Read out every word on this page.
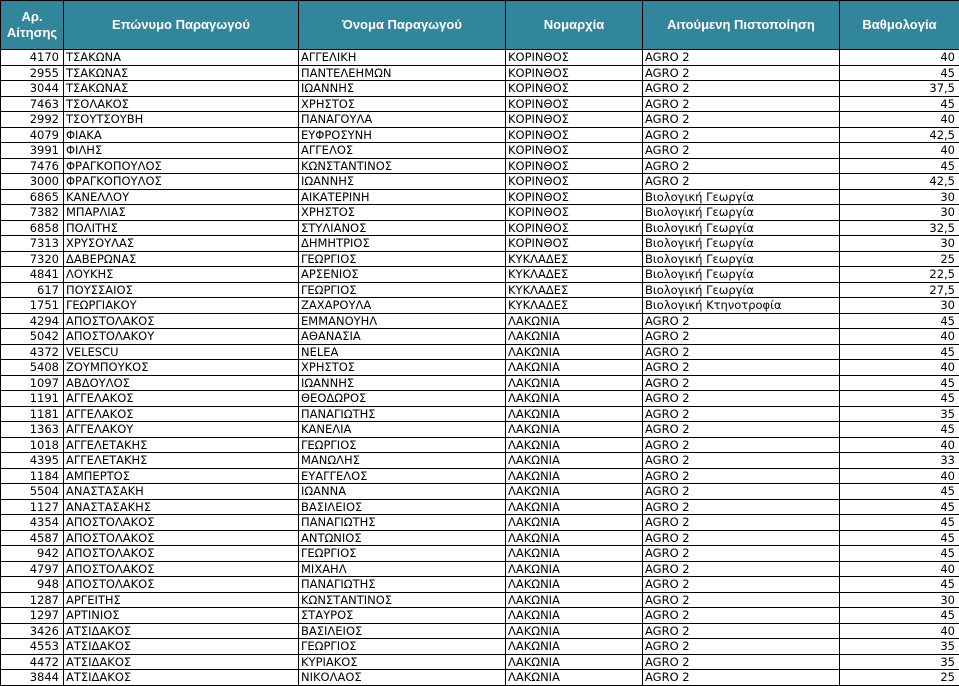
Αρ. Αίτησης	Επώνυμο Παραγωγού	Όνομα Παραγωγού	Νομαρχία	Αιτούμενη Πιστοποίηση	Βαθμολογία
4170	ΤΣΑΚΩΝΑ	ΑΓΓΕΛΙΚΗ	ΚΟΡΙΝΘΟΣ	AGRO 2	40
2955	ΤΣΑΚΩΝΑΣ	ΠΑΝΤΕΛΕΗΜΩΝ	ΚΟΡΙΝΘΟΣ	AGRO 2	45
3044	ΤΣΑΚΩΝΑΣ	ΙΩΑΝΝΗΣ	ΚΟΡΙΝΘΟΣ	AGRO 2	37,5
7463	ΤΣΟΛΑΚΟΣ	ΧΡΗΣΤΟΣ	ΚΟΡΙΝΘΟΣ	AGRO 2	45
2992	ΤΣΟΥΤΣΟΥΒΗ	ΠΑΝΑΓΟΥΛΑ	ΚΟΡΙΝΘΟΣ	AGRO 2	40
4079	ΦΙΑΚΑ	ΕΥΦΡΟΣΥΝΗ	ΚΟΡΙΝΘΟΣ	AGRO 2	42,5
3991	ΦΙΛΗΣ	ΑΓΓΕΛΟΣ	ΚΟΡΙΝΘΟΣ	AGRO 2	40
7476	ΦΡΑΓΚΟΠΟΥΛΟΣ	ΚΩΝΣΤΑΝΤΙΝΟΣ	ΚΟΡΙΝΘΟΣ	AGRO 2	45
3000	ΦΡΑΓΚΟΠΟΥΛΟΣ	ΙΩΑΝΝΗΣ	ΚΟΡΙΝΘΟΣ	AGRO 2	42,5
6865	ΚΑΝΕΛΛΟΥ	ΑΙΚΑΤΕΡΙΝΗ	ΚΟΡΙΝΘΟΣ	Βιολογική Γεωργία	30
7382	ΜΠΑΡΛΙΑΣ	ΧΡΗΣΤΟΣ	ΚΟΡΙΝΘΟΣ	Βιολογική Γεωργία	30
6858	ΠΟΛΙΤΗΣ	ΣΤΥΛΙΑΝΟΣ	ΚΟΡΙΝΘΟΣ	Βιολογική Γεωργία	32,5
7313	ΧΡΥΣΟΥΛΑΣ	ΔΗΜΗΤΡΙΟΣ	ΚΟΡΙΝΘΟΣ	Βιολογική Γεωργία	30
7320	ΔΑΒΕΡΩΝΑΣ	ΓΕΩΡΓΙΟΣ	ΚΥΚΛΑΔΕΣ	Βιολογική Γεωργία	25
4841	ΛΟΥΚΗΣ	ΑΡΣΕΝΙΟΣ	ΚΥΚΛΑΔΕΣ	Βιολογική Γεωργία	22,5
617	ΠΟΥΣΣΑΙΟΣ	ΓΕΩΡΓΙΟΣ	ΚΥΚΛΑΔΕΣ	Βιολογική Γεωργία	27,5
1751	ΓΕΩΡΓΙΑΚΟΥ	ΖΑΧΑΡΟΥΛΑ	ΚΥΚΛΑΔΕΣ	Βιολογική Κτηνοτροφία	30
4294	ΑΠΟΣΤΟΛΑΚΟΣ	ΕΜΜΑΝΟΥΗΛ	ΛΑΚΩΝΙΑ	AGRO 2	45
5042	ΑΠΟΣΤΟΛΑΚΟΥ	ΑΘΑΝΑΣΙΑ	ΛΑΚΩΝΙΑ	AGRO 2	40
4372	VELESCU	NELEA	ΛΑΚΩΝΙΑ	AGRO 2	45
5408	ΖΟΥΜΠΟΥΚΟΣ	ΧΡΗΣΤΟΣ	ΛΑΚΩΝΙΑ	AGRO 2	40
1097	ΑΒΔΟΥΛΟΣ	ΙΩΑΝΝΗΣ	ΛΑΚΩΝΙΑ	AGRO 2	45
1191	ΑΓΓΕΛΑΚΟΣ	ΘΕΟΔΩΡΟΣ	ΛΑΚΩΝΙΑ	AGRO 2	45
1181	ΑΓΓΕΛΑΚΟΣ	ΠΑΝΑΓΙΩΤΗΣ	ΛΑΚΩΝΙΑ	AGRO 2	35
1363	ΑΓΓΕΛΑΚΟΥ	ΚΑΝΕΛΙΑ	ΛΑΚΩΝΙΑ	AGRO 2	45
1018	ΑΓΓΕΛΕΤΑΚΗΣ	ΓΕΩΡΓΙΟΣ	ΛΑΚΩΝΙΑ	AGRO 2	40
4395	ΑΓΓΕΛΕΤΑΚΗΣ	ΜΑΝΩΛΗΣ	ΛΑΚΩΝΙΑ	AGRO 2	33
1184	ΑΜΠΕΡΤΟΣ	ΕΥΑΓΓΕΛΟΣ	ΛΑΚΩΝΙΑ	AGRO 2	40
5504	ΑΝΑΣΤΑΣΑΚΗ	ΙΩΑΝΝΑ	ΛΑΚΩΝΙΑ	AGRO 2	45
1127	ΑΝΑΣΤΑΣΑΚΗΣ	ΒΑΣΙΛΕΙΟΣ	ΛΑΚΩΝΙΑ	AGRO 2	45
4354	ΑΠΟΣΤΟΛΑΚΟΣ	ΠΑΝΑΓΙΩΤΗΣ	ΛΑΚΩΝΙΑ	AGRO 2	45
4587	ΑΠΟΣΤΟΛΑΚΟΣ	ΑΝΤΩΝΙΟΣ	ΛΑΚΩΝΙΑ	AGRO 2	45
942	ΑΠΟΣΤΟΛΑΚΟΣ	ΓΕΩΡΓΙΟΣ	ΛΑΚΩΝΙΑ	AGRO 2	45
4797	ΑΠΟΣΤΟΛΑΚΟΣ	ΜΙΧΑΗΛ	ΛΑΚΩΝΙΑ	AGRO 2	40
948	ΑΠΟΣΤΟΛΑΚΟΣ	ΠΑΝΑΓΙΩΤΗΣ	ΛΑΚΩΝΙΑ	AGRO 2	45
1287	ΑΡΓΕΙΤΗΣ	ΚΩΝΣΤΑΝΤΙΝΟΣ	ΛΑΚΩΝΙΑ	AGRO 2	30
1297	ΑΡΤΙΝΙΟΣ	ΣΤΑΥΡΟΣ	ΛΑΚΩΝΙΑ	AGRO 2	45
3426	ΑΤΣΙΔΑΚΟΣ	ΒΑΣΙΛΕΙΟΣ	ΛΑΚΩΝΙΑ	AGRO 2	40
4553	ΑΤΣΙΔΑΚΟΣ	ΓΕΩΡΓΙΟΣ	ΛΑΚΩΝΙΑ	AGRO 2	35
4472	ΑΤΣΙΔΑΚΟΣ	ΚΥΡΙΑΚΟΣ	ΛΑΚΩΝΙΑ	AGRO 2	35
3844	ΑΤΣΙΔΑΚΟΣ	ΝΙΚΟΛΑΟΣ	ΛΑΚΩΝΙΑ	AGRO 2	25
